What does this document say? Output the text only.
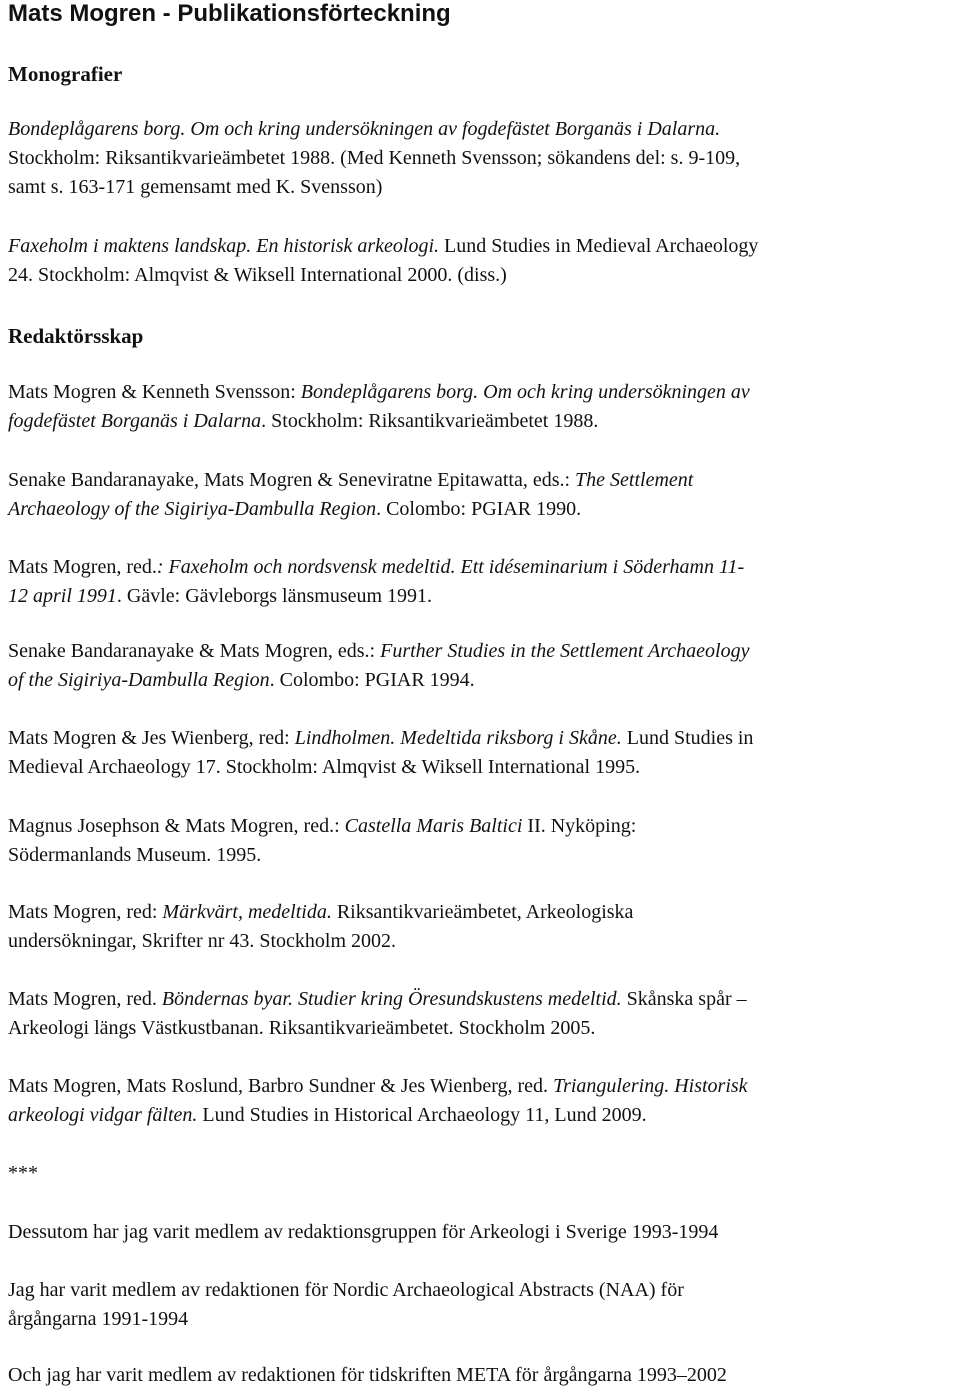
Mats Mogren - Publikationsförteckning
Monografier

Bondeplågarens borg. Om och kring undersökningen av fogdefästet Borganäs i Dalarna.
Stockholm: Riksantikvarieämbetet 1988. (Med Kenneth Svensson; sökandens del: s. 9-109,
samt s. 163-171 gemensamt med K. Svensson)

Faxeholm i maktens landskap. En historisk arkeologi. Lund Studies in Medieval Archaeology
24. Stockholm: Almqvist & Wiksell International 2000. (diss.)

Redaktörsskap

Mats Mogren & Kenneth Svensson: Bondeplågarens borg. Om och kring undersökningen av
fogdefästet Borganäs i Dalarna. Stockholm: Riksantikvarieämbetet 1988.

Senake Bandaranayake, Mats Mogren & Seneviratne Epitawatta, eds.: The Settlement
Archaeology of the Sigiriya-Dambulla Region. Colombo: PGIAR 1990.

Mats Mogren, red.: Faxeholm och nordsvensk medeltid. Ett idéseminarium i Söderhamn 11-
12 april 1991. Gävle: Gävleborgs länsmuseum 1991.

Senake Bandaranayake & Mats Mogren, eds.: Further Studies in the Settlement Archaeology
of the Sigiriya-Dambulla Region. Colombo: PGIAR 1994.

Mats Mogren & Jes Wienberg, red: Lindholmen. Medeltida riksborg i Skåne. Lund Studies in
Medieval Archaeology 17. Stockholm: Almqvist & Wiksell International 1995.

Magnus Josephson & Mats Mogren, red.: Castella Maris Baltici II. Nyköping:
Södermanlands Museum. 1995.

Mats Mogren, red: Märkvärt, medeltida. Riksantikvarieämbetet, Arkeologiska
undersökningar, Skrifter nr 43. Stockholm 2002.

Mats Mogren, red. Böndernas byar. Studier kring Öresundskustens medeltid. Skånska spår –
Arkeologi längs Västkustbanan. Riksantikvarieämbetet. Stockholm 2005.

Mats Mogren, Mats Roslund, Barbro Sundner & Jes Wienberg, red. Triangulering. Historisk
arkeologi vidgar fälten. Lund Studies in Historical Archaeology 11, Lund 2009.

***

Dessutom har jag varit medlem av redaktionsgruppen för Arkeologi i Sverige 1993-1994

Jag har varit medlem av redaktionen för Nordic Archaeological Abstracts (NAA) för
årgångarna 1991-1994

Och jag har varit medlem av redaktionen för tidskriften META för årgångarna 1993–2002
